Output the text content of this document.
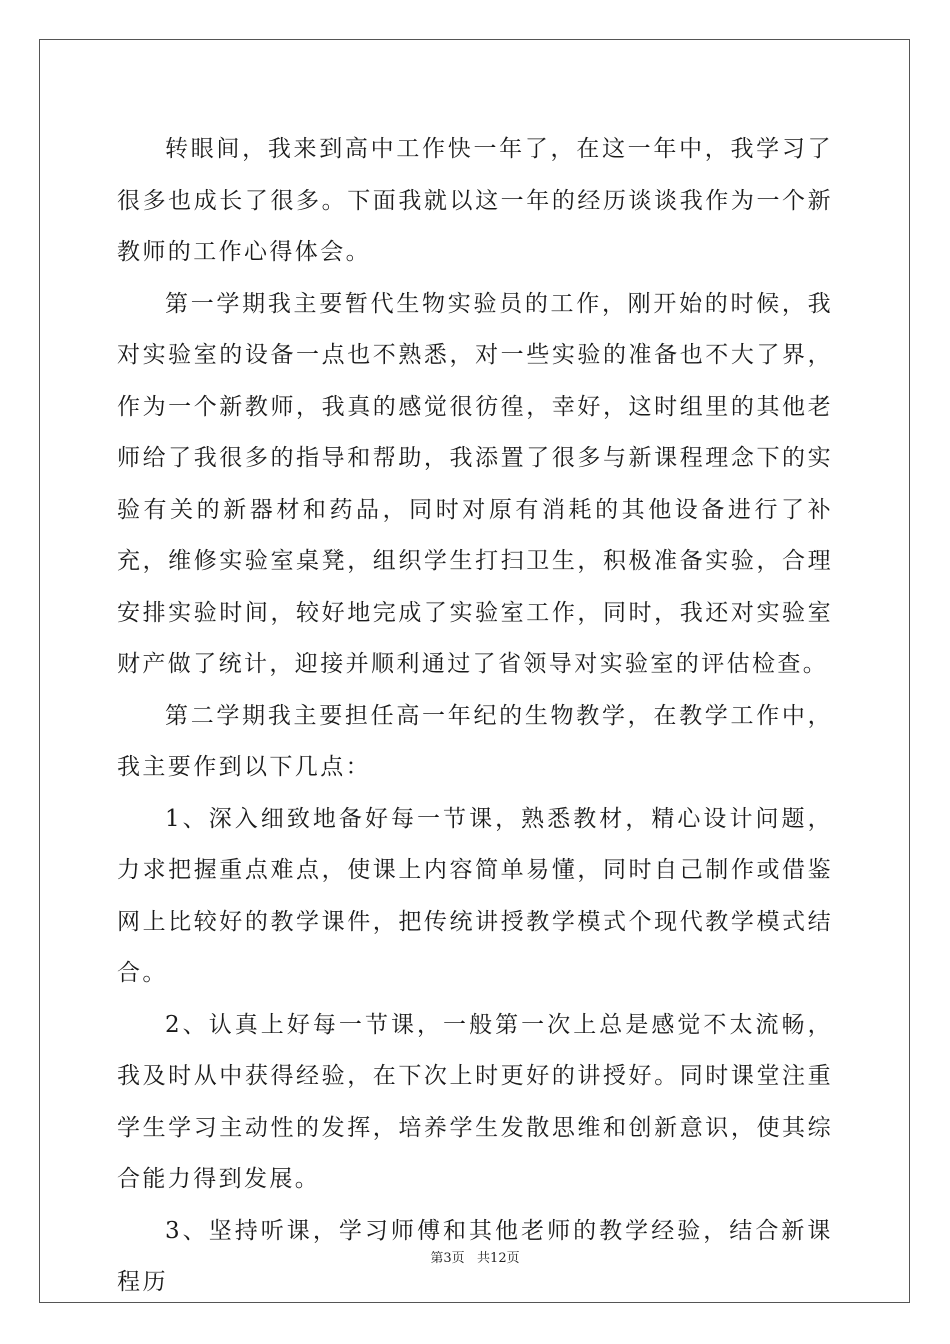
转眼间，我来到高中工作快一年了，在这一年中，我学习了很多也成长了很多。下面我就以这一年的经历谈谈我作为一个新教师的工作心得体会。

第一学期我主要暂代生物实验员的工作，刚开始的时候，我对实验室的设备一点也不熟悉，对一些实验的准备也不大了界，作为一个新教师，我真的感觉很彷徨，幸好，这时组里的其他老师给了我很多的指导和帮助，我添置了很多与新课程理念下的实验有关的新器材和药品，同时对原有消耗的其他设备进行了补充，维修实验室桌凳，组织学生打扫卫生，积极准备实验，合理安排实验时间，较好地完成了实验室工作，同时，我还对实验室财产做了统计，迎接并顺利通过了省领导对实验室的评估检查。

第二学期我主要担任高一年纪的生物教学，在教学工作中，我主要作到以下几点：

1、深入细致地备好每一节课，熟悉教材，精心设计问题，力求把握重点难点，使课上内容简单易懂，同时自己制作或借鉴网上比较好的教学课件，把传统讲授教学模式个现代教学模式结合。

2、认真上好每一节课，一般第一次上总是感觉不太流畅，我及时从中获得经验，在下次上时更好的讲授好。同时课堂注重学生学习主动性的发挥，培养学生发散思维和创新意识，使其综合能力得到发展。

3、坚持听课，学习师傅和其他老师的教学经验，结合新课程历

第3页   共12页
